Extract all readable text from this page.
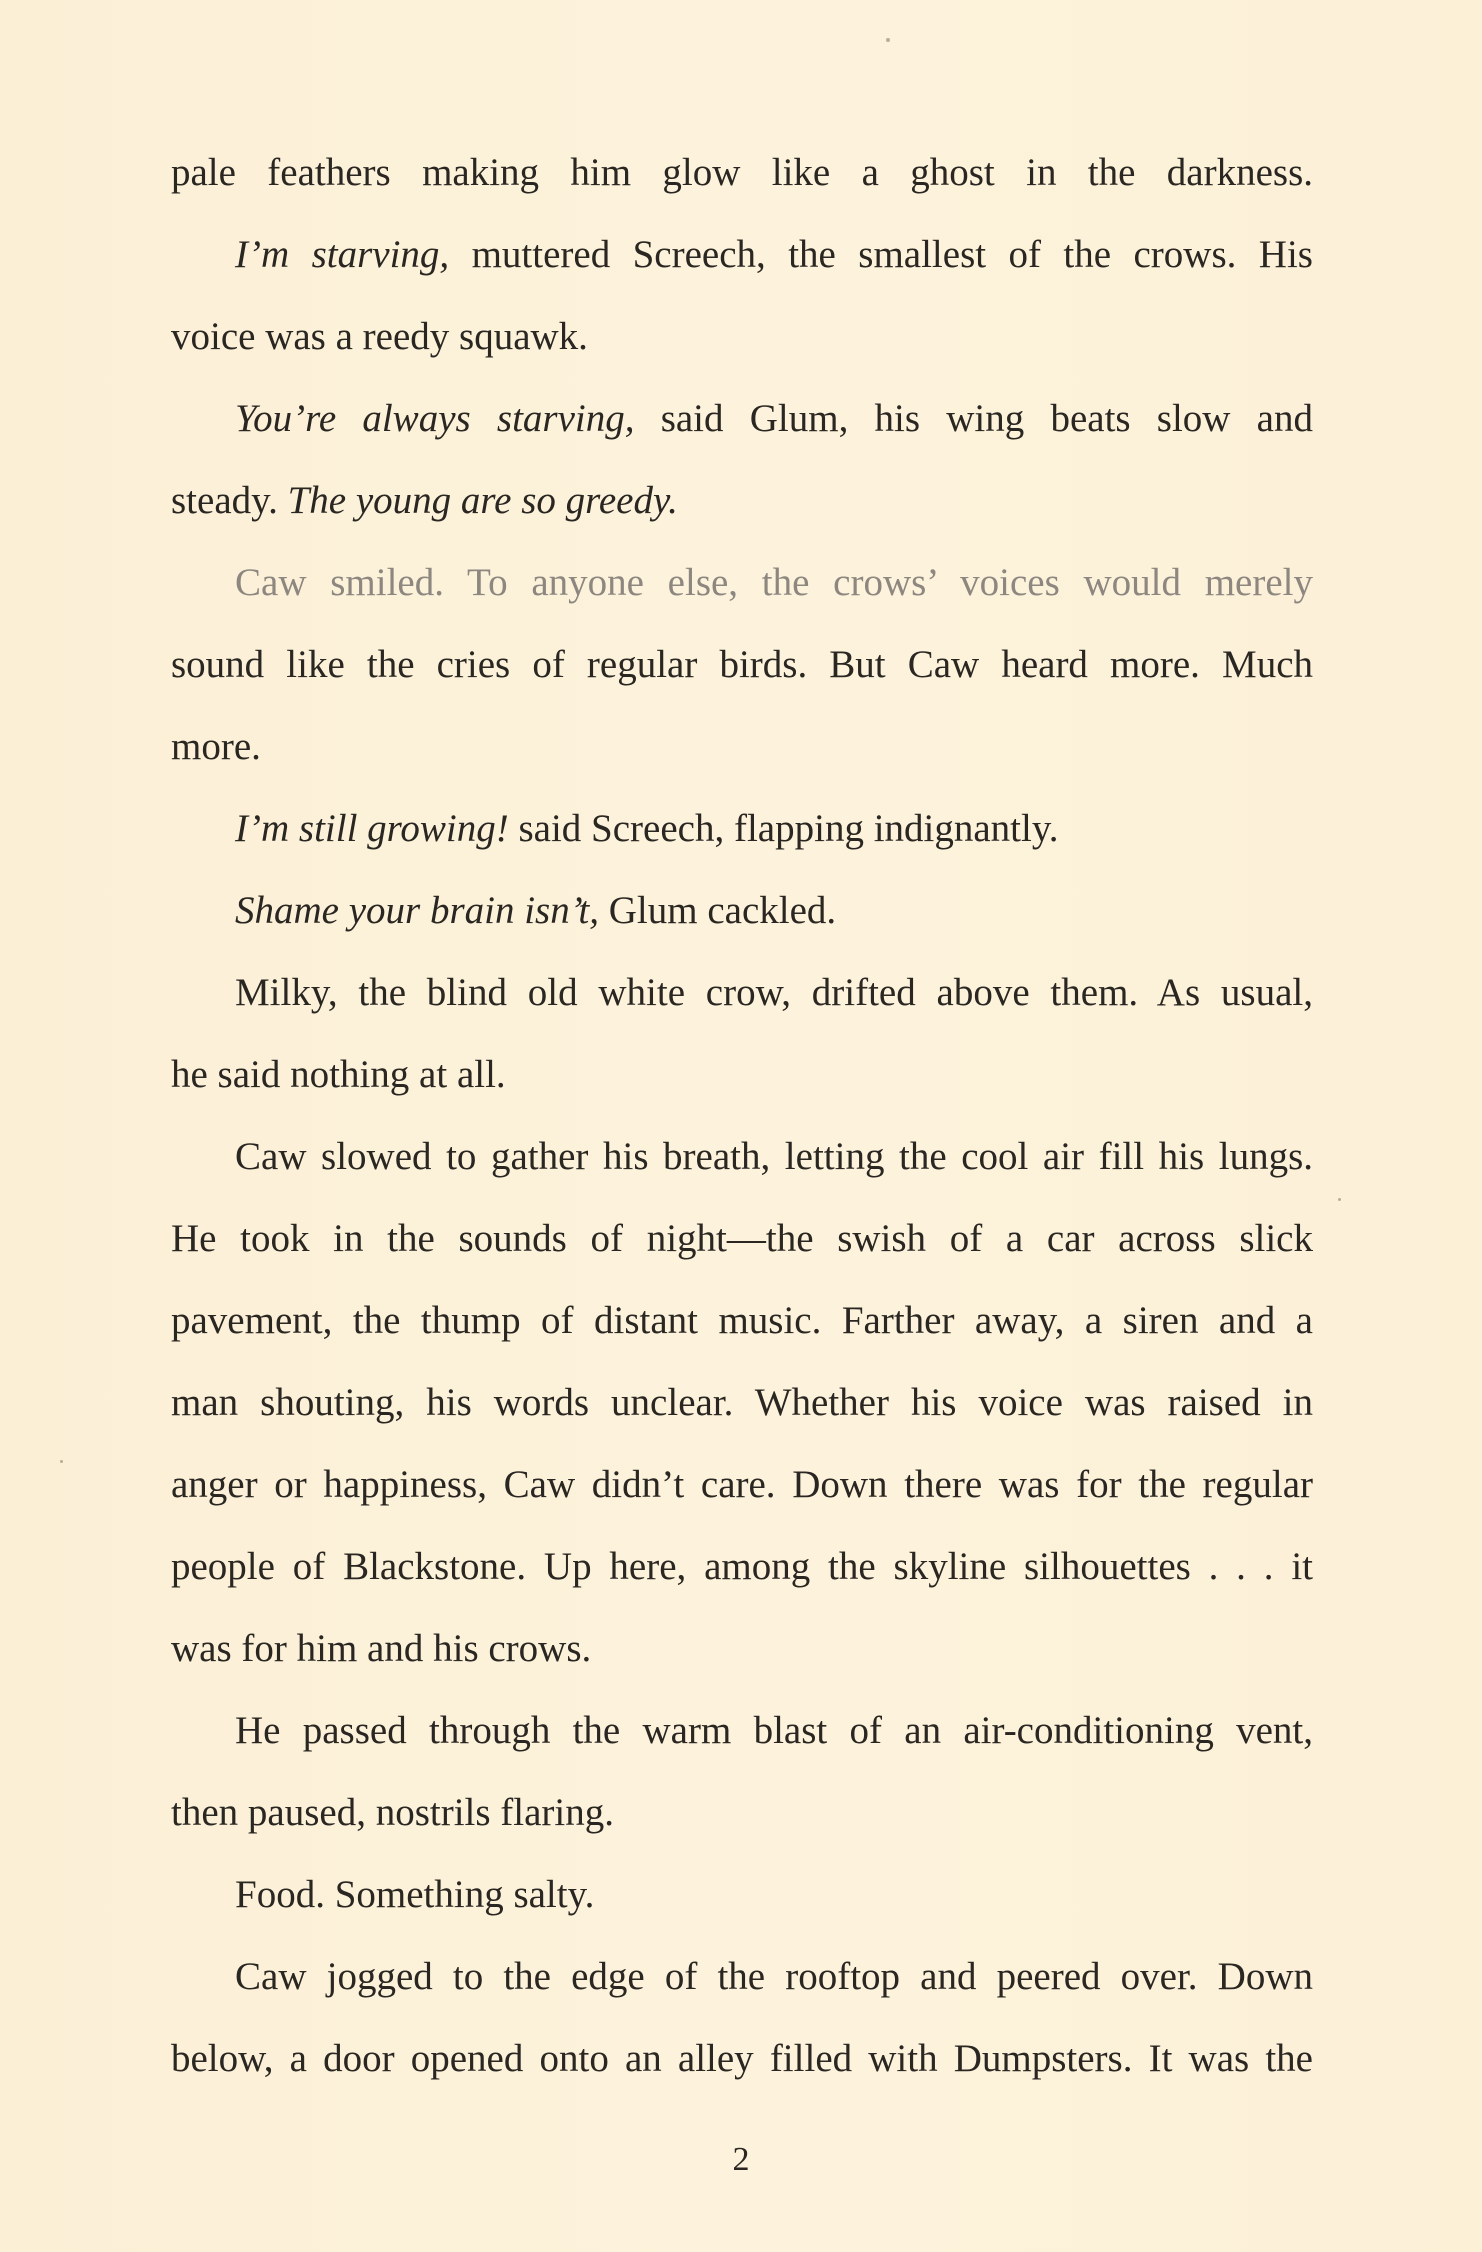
pale feathers making him glow like a ghost in the darkness.
I’m starving, muttered Screech, the smallest of the crows. His
voice was a reedy squawk.
You’re always starving, said Glum, his wing beats slow and
steady. The young are so greedy.
Caw smiled. To anyone else, the crows’ voices would merely
sound like the cries of regular birds. But Caw heard more. Much
more.
I’m still growing! said Screech, flapping indignantly.
Shame your brain isn’t, Glum cackled.
Milky, the blind old white crow, drifted above them. As usual,
he said nothing at all.
Caw slowed to gather his breath, letting the cool air fill his lungs.
He took in the sounds of night—the swish of a car across slick
pavement, the thump of distant music. Farther away, a siren and a
man shouting, his words unclear. Whether his voice was raised in
anger or happiness, Caw didn’t care. Down there was for the regular
people of Blackstone. Up here, among the skyline silhouettes . . . it
was for him and his crows.
He passed through the warm blast of an air-conditioning vent,
then paused, nostrils flaring.
Food. Something salty.
Caw jogged to the edge of the rooftop and peered over. Down
below, a door opened onto an alley filled with Dumpsters. It was the
2
